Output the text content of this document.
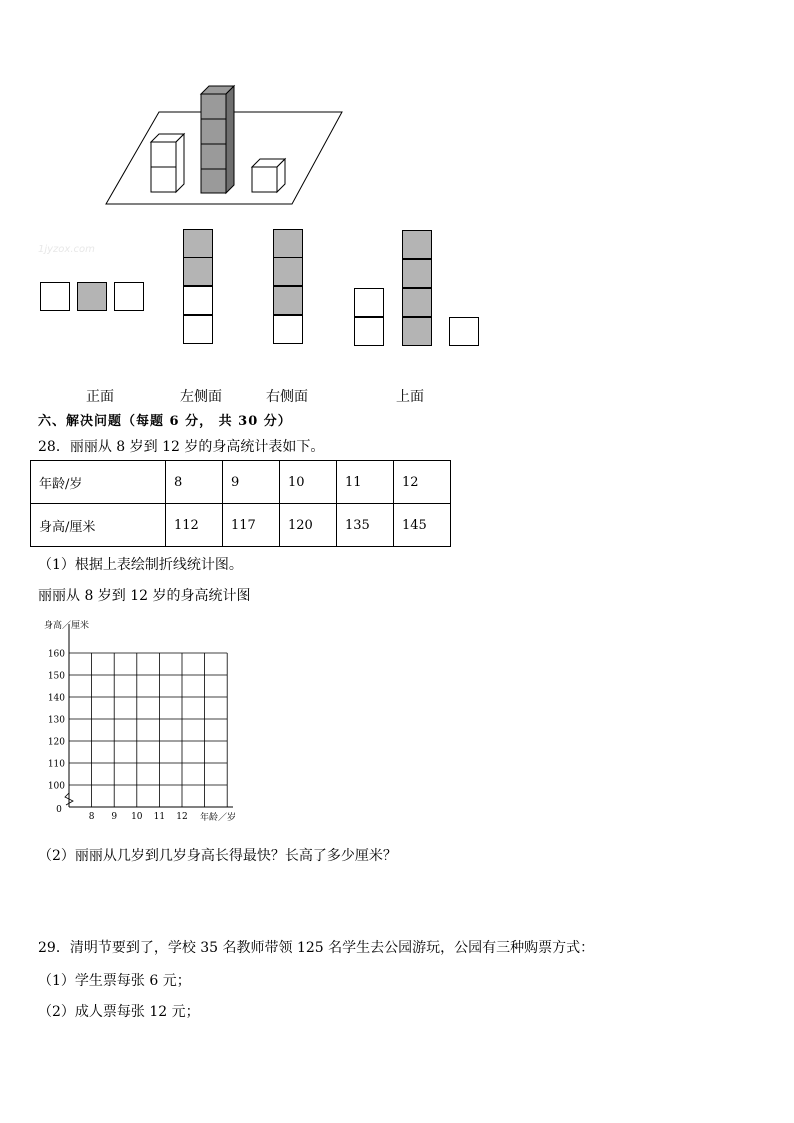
1jyzox.com
正面	左侧面	右侧面	上面
六、解决问题（每题 6 分， 共 30 分）
28．丽丽从 8 岁到 12 岁的身高统计表如下。
年龄/岁	8	9	10	11	12
身高/厘米	112	117	120	135	145
（1）根据上表绘制折线统计图。
丽丽从 8 岁到 12 岁的身高统计图
100
110
120
130
140
150
160
8 9 10 11 12
0
身高／厘米
年龄／岁
（2）丽丽从几岁到几岁身高长得最快？长高了多少厘米？
29．清明节要到了，学校 35 名教师带领 125 名学生去公园游玩，公园有三种购票方式：
（1）学生票每张 6 元；
（2）成人票每张 12 元；
